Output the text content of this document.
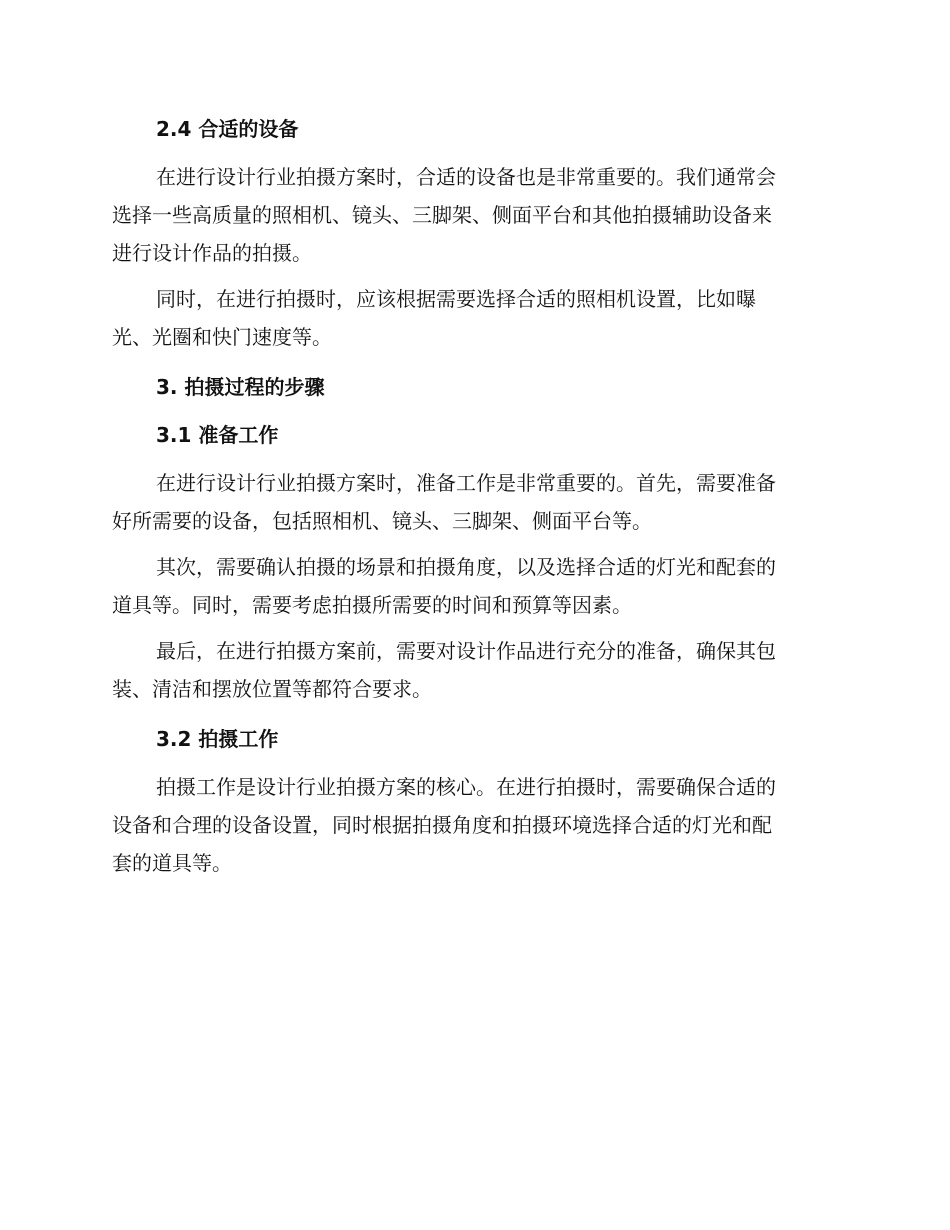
2.4 合适的设备

在进行设计行业拍摄方案时，合适的设备也是非常重要的。我们通常会
选择一些高质量的照相机、镜头、三脚架、侧面平台和其他拍摄辅助设备来
进行设计作品的拍摄。

同时，在进行拍摄时，应该根据需要选择合适的照相机设置，比如曝
光、光圈和快门速度等。

3. 拍摄过程的步骤
3.1 准备工作

在进行设计行业拍摄方案时，准备工作是非常重要的。首先，需要准备
好所需要的设备，包括照相机、镜头、三脚架、侧面平台等。

其次，需要确认拍摄的场景和拍摄角度，以及选择合适的灯光和配套的
道具等。同时，需要考虑拍摄所需要的时间和预算等因素。

最后，在进行拍摄方案前，需要对设计作品进行充分的准备，确保其包
装、清洁和摆放位置等都符合要求。

3.2 拍摄工作

拍摄工作是设计行业拍摄方案的核心。在进行拍摄时，需要确保合适的
设备和合理的设备设置，同时根据拍摄角度和拍摄环境选择合适的灯光和配
套的道具等。
